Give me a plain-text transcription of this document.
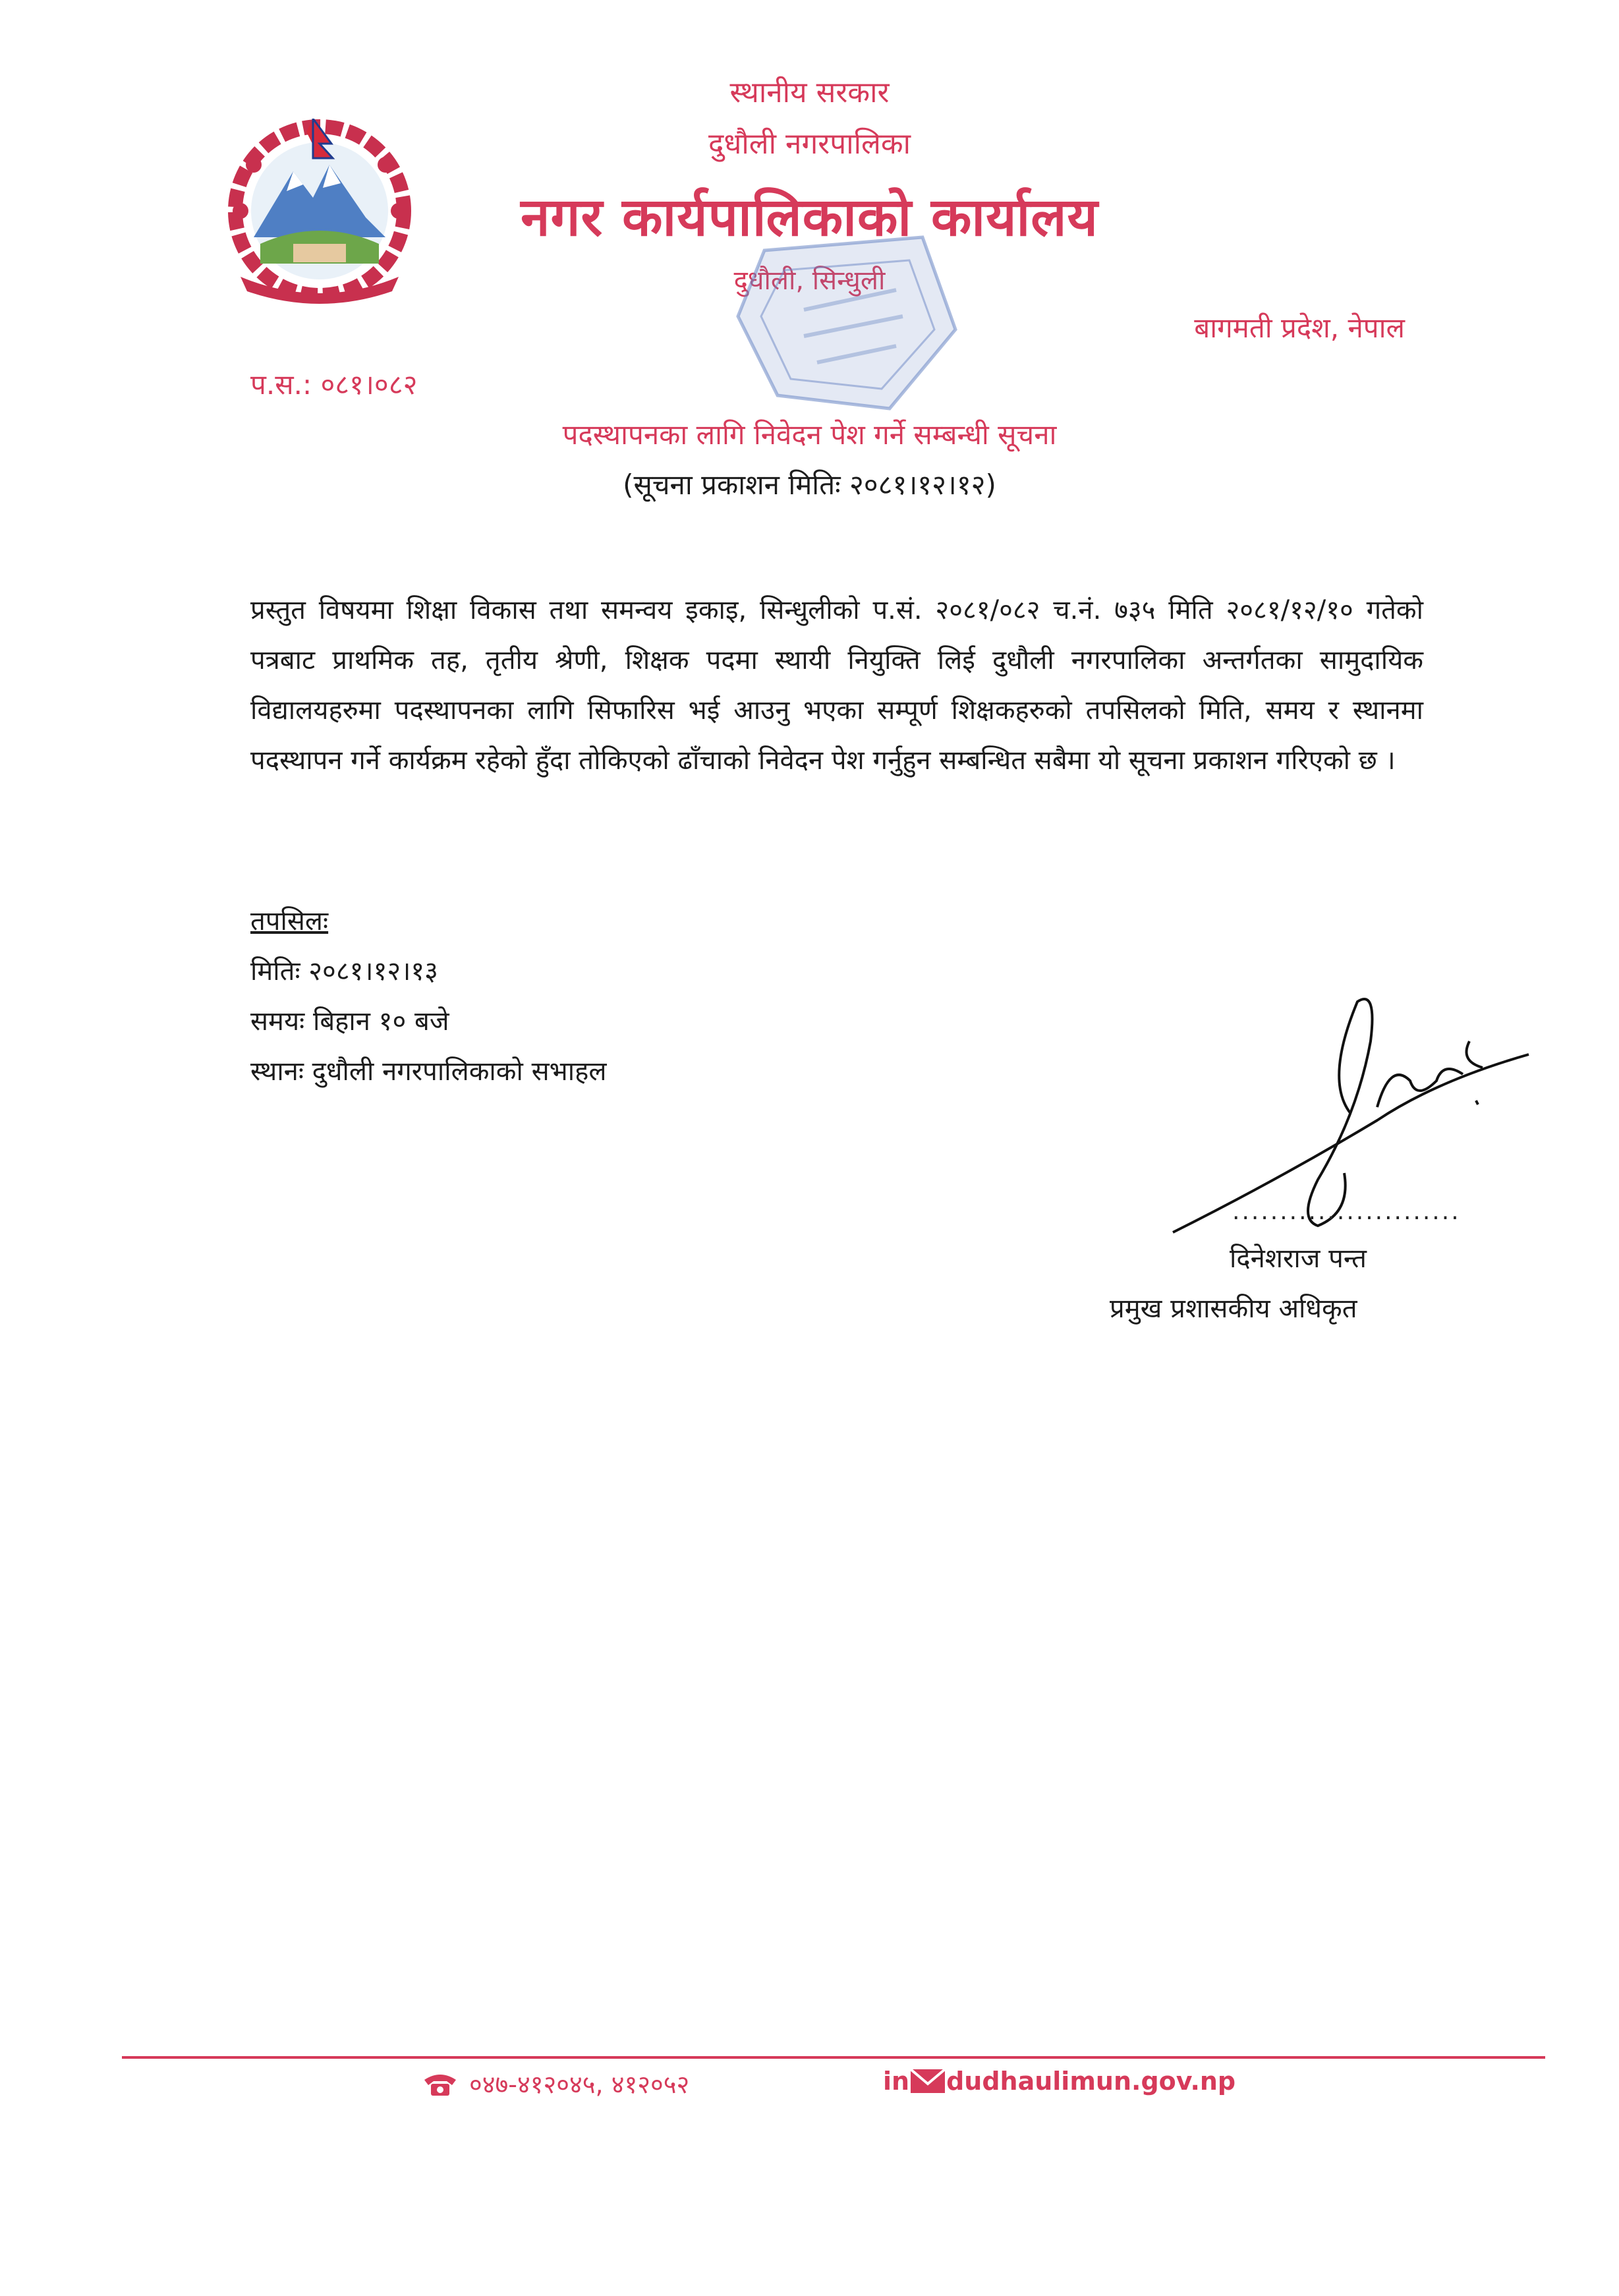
स्थानीय सरकार
दुधौली नगरपालिका
नगर कार्यपालिकाको कार्यालय
दुधौली, सिन्धुली
बागमती प्रदेश, नेपाल
प.स.: ०८१।०८२
पदस्थापनका लागि निवेदन पेश गर्ने सम्बन्धी सूचना
(सूचना प्रकाशन मितिः २०८१।१२।१२)
प्रस्तुत विषयमा शिक्षा विकास तथा समन्वय इकाइ, सिन्धुलीको प.सं. २०८१/०८२ च.नं. ७३५ मिति २०८१/१२/१० गतेको पत्रबाट प्राथमिक तह, तृतीय श्रेणी, शिक्षक पदमा स्थायी नियुक्ति लिई दुधौली नगरपालिका अन्तर्गतका सामुदायिक विद्यालयहरुमा पदस्थापनका लागि सिफारिस भई आउनु भएका सम्पूर्ण शिक्षकहरुको तपसिलको मिति, समय र स्थानमा पदस्थापन गर्ने कार्यक्रम रहेको हुँदा तोकिएको ढाँचाको निवेदन पेश गर्नुहुन सम्बन्धित सबैमा यो सूचना प्रकाशन गरिएको छ ।
तपसिलः
मितिः २०८१।१२।१३
समयः बिहान १० बजे
स्थानः दुधौली नगरपालिकाको सभाहल
........................
दिनेशराज पन्त
प्रमुख प्रशासकीय अधिकृत
०४७-४१२०४५, ४१२०५२	in dudhaulimun.gov.np
